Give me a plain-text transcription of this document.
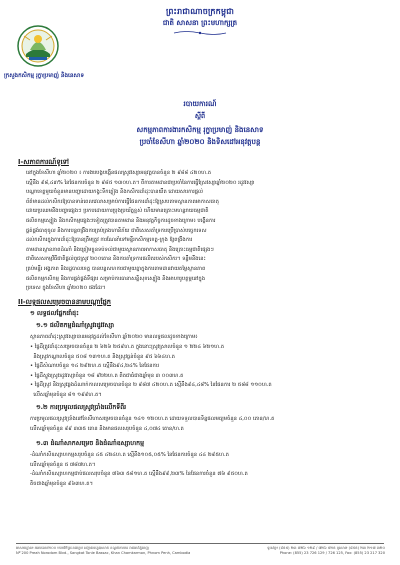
ព្រះរាជាណាចក្រកម្ពុជា
ជាតិ សាសនា ព្រះមហាក្សត្រ
ក្រសួងកសិកម្ម រុក្ខាប្រមាញ់ និងនេសាទ
របាយការណ៍
ស្តីពី
សកម្មភាពការងារកសិកម្ម រុក្ខាប្រមាញ់ និងនេសាទ
ប្រចាំខែសីហា ឆ្នាំ២០២០ និងទិសដៅអនុវត្តបន្ត
I-សភាពការណ៍ទូទៅ
នៅក្នុងខែសីហា ឆ្នាំ២០២០ ៖ ការងារបង្កបង្កើនផលស្រូវវស្សាអនុវត្តបានចំនួន ២ ៩៨៨ ៤២០ហ.ត
ស្មើនឹង ៩៨,៤៣% នៃផែនការចំនួន ២ ៩៨៥ ១៣០ហ.ត។ ពីការតាមដានជាប្រចាំនៃការធ្វើស្រែវស្សាឆ្នាំ២០២០ រដូវវស្សា
បណ្តាខេត្តមួយចំនួនមានបញ្ហាដោយកង្វះទឹកភ្លៀង និងកសិករដាំដុះបានយឺត ដោយសារការផ្តល់
ព័ត៌មានដល់កសិករឱ្យបានទាន់ពេលវេលាសម្រាប់ការធ្វើផែនការដាំដុះឱ្យស្របតាមស្ថានភាពអាកាសធាតុ
ដោយប្រឈមនឹងបញ្ហាផ្សេងៗ ប្រកបដោយការប្រុងប្រយ័ត្នខ្ពស់ ហើយមានគ្រោះមហន្តរាយធម្មជាតិ
ផលិតកម្មស្បៀង និងកសិកម្មផ្សេងៗទៀតត្រូវបានតាមដាន និងអនុវត្តកិច្ចការដូចខាងក្រោម៖ បង្កើនការ
ផ្គត់ផ្គង់ធាតុចូល និងការបន្តពង្រឹងការគ្រប់គ្រងហានិភ័យ ជាពិសេសគាំទ្រការប្រើប្រាស់បច្ចេកទេស
ដល់កសិករក្នុងការដាំដុះឱ្យបានត្រឹមត្រូវ ការណែនាំទៅមន្ទីរកសិកម្មខេត្ត-ក្រុង ឱ្យពង្រឹងការ
តាមដានស្ថានភាពដំណាំ និងត្រៀមខ្លួនទប់ទល់ជាមួយស្ថានភាពអាកាសធាតុ និងគ្រោះធម្មជាតិផ្សេងៗ
ជាពិសេសកម្មវិធីជាតិផ្តល់ពូជស្រូវ ២០០តោន និងការគាំទ្រការផលិតរបស់កសិករ។ ទន្ទឹមនឹងនេះ
គ្រប់មន្ទីរ អង្គភាព និងរដ្ឋបាលខេត្ត បានបន្តសហការជាមួយគ្នាក្នុងការតាមដានវាយតម្លៃស្ថានភាព
ផលិតកម្មកសិកម្ម និងការផ្គត់ផ្គង់ទីផ្សារ សម្រាប់ការធានាសន្តិសុខស្បៀង និងអាហារូបត្ថម្ភនៅក្នុង
ប្រទេស ក្នុងខែសីហា ឆ្នាំ២០២០ ផងដែរ។
II-លទ្ធផលសម្រេចបាននាមបណ្តាផ្នែក
១ លទ្ធផលផ្នែកដាំដុះ
១.១ ផលិតកម្មដំណាំស្រូវរដូវវស្សា
ស្ថានភាពដាំដុះស្រូវវស្សាបានអនុវត្តដល់ខែសីហា ឆ្នាំ២០២០ មានលទ្ធផលដូចខាងក្រោម៖
• ផ្ទៃដីត្រូវដាំដុះសម្រេចបានចំនួន ២ ៦២៦ ២៥៩ហ.ត ក្នុងនោះស្រូវស្រាលចំនួន ១ ២២៤ ៦២១ហ.ត
និងស្រូវកណ្តាលចំនួន ៥០៨ ១៣១ហ.ត និងស្រូវធ្ងន់ចំនួន ៩៥ ៦៦៤ហ.ត
• ផ្ទៃដីសំណាបចំនួន ១៤ ២៩២ហ.ត ស្មើនឹង៩៤,២៤% នៃផែនការ
• ផ្ទៃដីស្ទូងស្រូវរដូវវស្សាចំនួន ១៨ ៩២២ហ.ត ពិតជាធំជាងឆ្នាំមុន ៣ ០០៣ហ.ត
• ផ្ទៃដីស្រូវ និងស្រូវឆ្លងដំណាក់កាលសម្រេចបានចំនួន ២ ៩៨៧ ៤២០ហ.ត ស្មើនឹង៩៤,៤៨% នៃផែនការ ២ ៥៨៨ ១១០ហ.ត
លើសឆ្នាំមុនចំនួន ៨១ ១៩៩ហ.ត។
១.២ ការប្រមូលផលស្រូវប្រាំងលើកទីពីរ
ការប្រមូលផលស្រូវប្រាំងនៅខែសីហាសម្រេចបានចំនួន ១៤១ ១២០ហ.ត ដោយទទួលបានទិន្នផលមធ្យមចំនួន ៤,០០ តោន/ហ.ត
លើសឆ្នាំមុនចំនួន ៩៩ ៣៣៥ តោន និងមានផលសរុបចំនួន ៤,០៧៤ តោន/ហ.ត
១.៣ ដំណាំសាកសម្រេច និងដំណាំឧស្សាហកម្ម
-ដំណាំកសិឧស្សាហកម្មសរុបចំនួន ៤៥ ៤២៤ហ.ត ស្មើនឹង១០៥,០៥% នៃផែនការចំនួន ៤៤ ២៩៥ហ.ត
លើសឆ្នាំមុនចំនួន ៥ ៧៨៧ហ.ត។
-ដំណាំកសិឧស្សាហកម្មជាប់ផលសរុបចំនួន ៧៦៣ ៥៨១ហ.ត ស្មើនឹង៩៩,២៣% នៃផែនការចំនួន ៧៦ ៩៥០ហ.ត
តិចជាងឆ្នាំមុនចំនួន ៩៦៣ហ.ត។
អាសយដ្ឋាន៖ អគារលេខ២០០ មហាវិថីព្រះនរោត្តម សង្កាត់ទន្លេបាសាក់ ខណ្ឌចំការមន រាជធានីភ្នំពេញ
Nº 200 Preah Norodom Blvd., Sangkat Tonle Bassac, Khan Chamkarmon, Phnom Penh, Cambodia
ទូរស័ព្ទ៖ (៨៥៥) ២៣ ៧២៦ ១២៩ / ៧២៦ ៥២៥ ទូរសារ៖ (៨៥៥) ២៣ ២១៧ ៣២០
Phone: (855) 23 726 129 / 726 125, Fax: (855) 23 217 320
